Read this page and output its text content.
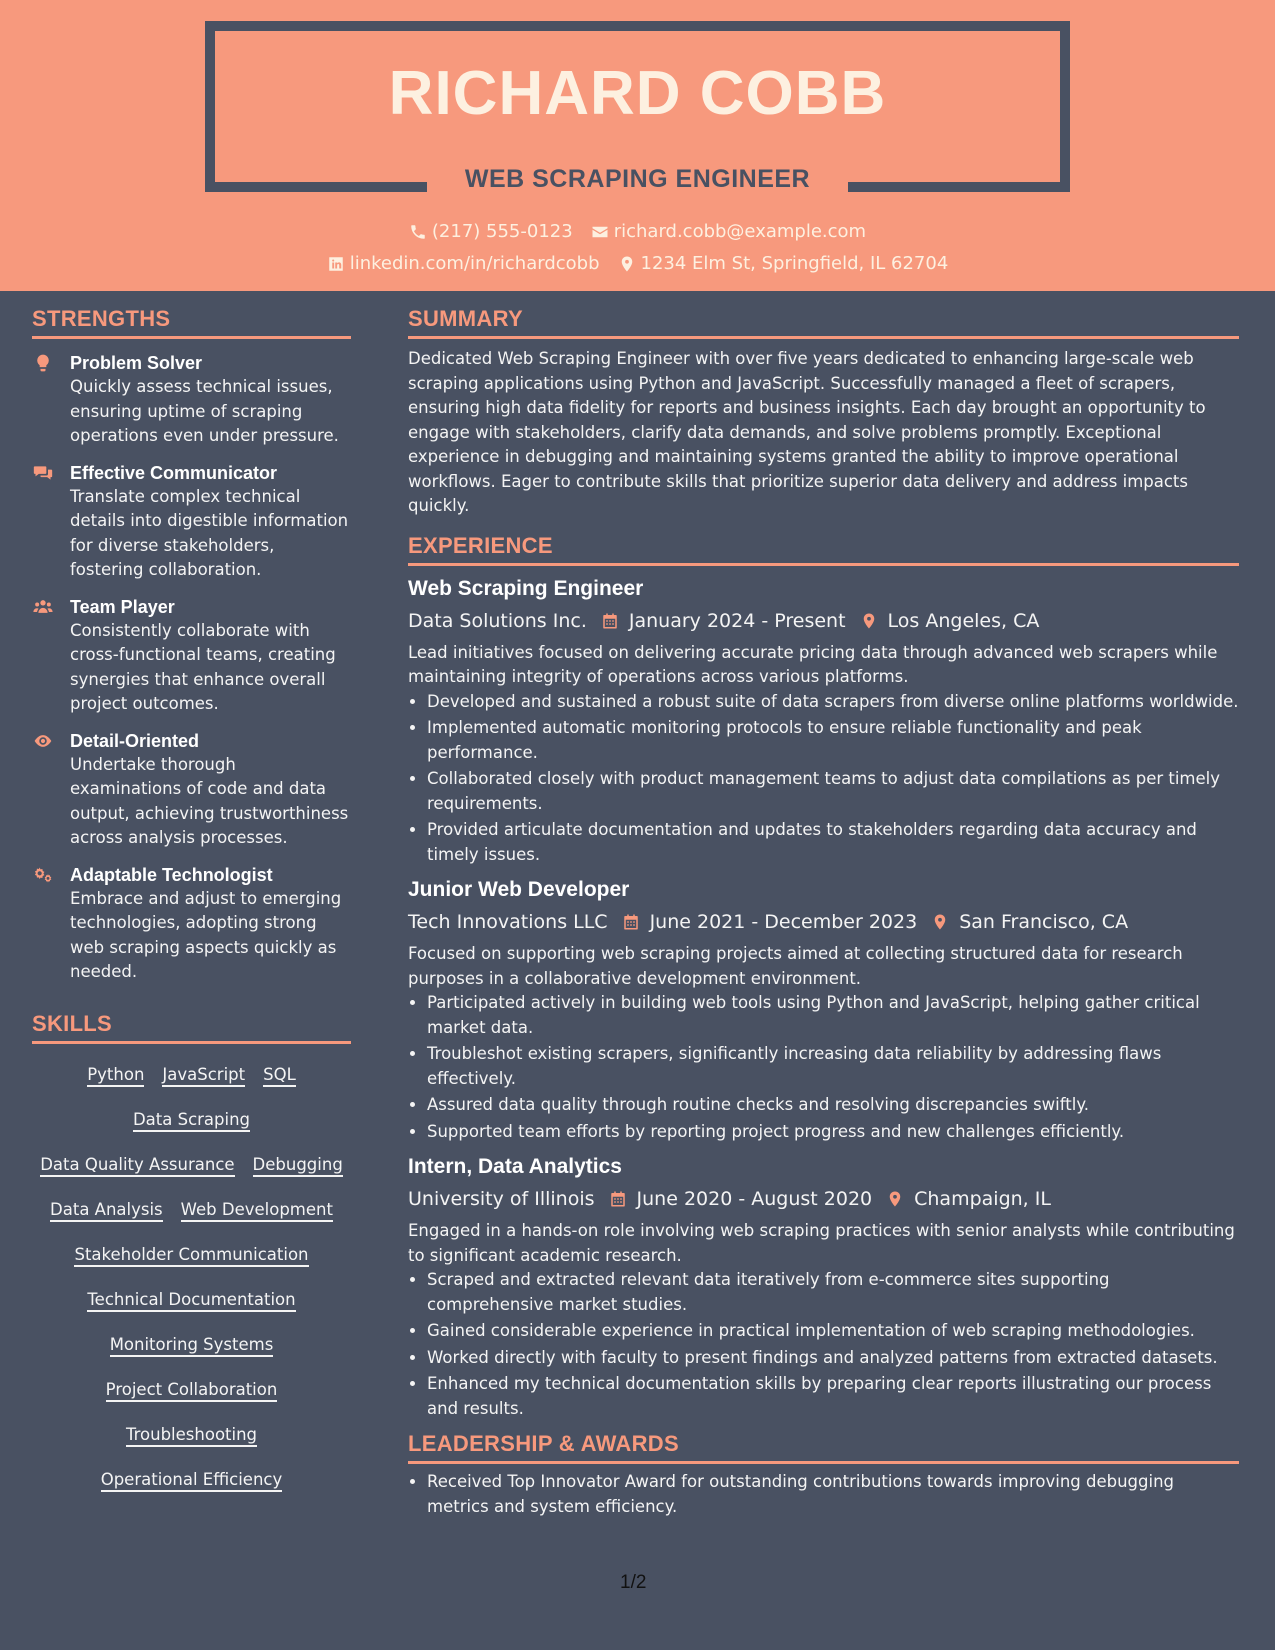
RICHARD COBB
WEB SCRAPING ENGINEER
(217) 555-0123 richard.cobb@example.com
linkedin.com/in/richardcobb 1234 Elm St, Springfield, IL 62704
STRENGTHS
Problem Solver
Quickly assess technical issues, ensuring uptime of scraping operations even under pressure.
Effective Communicator
Translate complex technical details into digestible information for diverse stakeholders, fostering collaboration.
Team Player
Consistently collaborate with cross-functional teams, creating synergies that enhance overall project outcomes.
Detail-Oriented
Undertake thorough examinations of code and data output, achieving trustworthiness across analysis processes.
Adaptable Technologist
Embrace and adjust to emerging technologies, adopting strong web scraping aspects quickly as needed.
SKILLS
Python JavaScript SQL
Data Scraping
Data Quality Assurance Debugging
Data Analysis Web Development
Stakeholder Communication
Technical Documentation
Monitoring Systems
Project Collaboration
Troubleshooting
Operational Efficiency
SUMMARY

Dedicated Web Scraping Engineer with over five years dedicated to enhancing large-scale web scraping applications using Python and JavaScript. Successfully managed a fleet of scrapers, ensuring high data fidelity for reports and business insights. Each day brought an opportunity to engage with stakeholders, clarify data demands, and solve problems promptly. Exceptional experience in debugging and maintaining systems granted the ability to improve operational workflows. Eager to contribute skills that prioritize superior data delivery and address impacts quickly.

EXPERIENCE
Web Scraping Engineer
Data Solutions Inc. January 2024 - Present Los Angeles, CA

Lead initiatives focused on delivering accurate pricing data through advanced web scrapers while maintaining integrity of operations across various platforms.

• Developed and sustained a robust suite of data scrapers from diverse online platforms worldwide.
• Implemented automatic monitoring protocols to ensure reliable functionality and peak performance.
• Collaborated closely with product management teams to adjust data compilations as per timely requirements.
• Provided articulate documentation and updates to stakeholders regarding data accuracy and timely issues.
Junior Web Developer
Tech Innovations LLC June 2021 - December 2023 San Francisco, CA

Focused on supporting web scraping projects aimed at collecting structured data for research purposes in a collaborative development environment.

• Participated actively in building web tools using Python and JavaScript, helping gather critical market data.
• Troubleshot existing scrapers, significantly increasing data reliability by addressing flaws effectively.
• Assured data quality through routine checks and resolving discrepancies swiftly.
• Supported team efforts by reporting project progress and new challenges efficiently.
Intern, Data Analytics
University of Illinois June 2020 - August 2020 Champaign, IL

Engaged in a hands-on role involving web scraping practices with senior analysts while contributing to significant academic research.

• Scraped and extracted relevant data iteratively from e-commerce sites supporting comprehensive market studies.
• Gained considerable experience in practical implementation of web scraping methodologies.
• Worked directly with faculty to present findings and analyzed patterns from extracted datasets.
• Enhanced my technical documentation skills by preparing clear reports illustrating our process and results.
LEADERSHIP & AWARDS
• Received Top Innovator Award for outstanding contributions towards improving debugging metrics and system efficiency.
1/2
